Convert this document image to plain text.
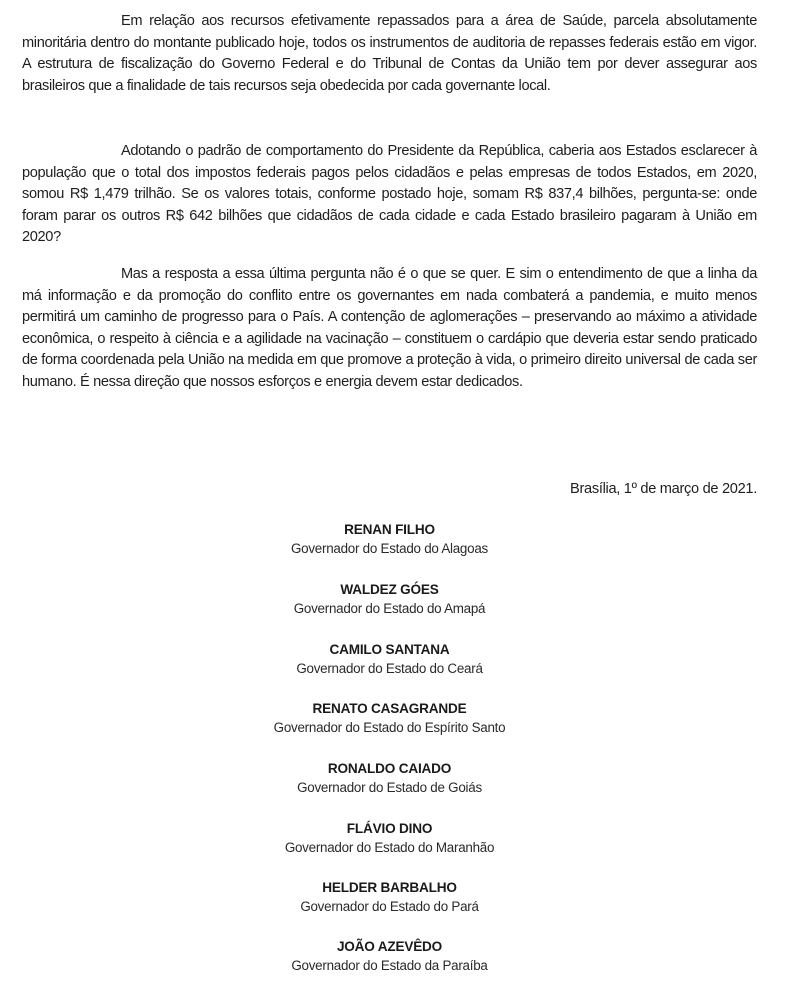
Em relação aos recursos efetivamente repassados para a área de Saúde, parcela absolutamente minoritária dentro do montante publicado hoje, todos os instrumentos de auditoria de repasses federais estão em vigor. A estrutura de fiscalização do Governo Federal e do Tribunal de Contas da União tem por dever assegurar aos brasileiros que a finalidade de tais recursos seja obedecida por cada governante local.

Adotando o padrão de comportamento do Presidente da República, caberia aos Estados esclarecer à população que o total dos impostos federais pagos pelos cidadãos e pelas empresas de todos Estados, em 2020, somou R$ 1,479 trilhão. Se os valores totais, conforme postado hoje, somam R$ 837,4 bilhões, pergunta-se: onde foram parar os outros R$ 642 bilhões que cidadãos de cada cidade e cada Estado brasileiro pagaram à União em 2020?

Mas a resposta a essa última pergunta não é o que se quer. E sim o entendimento de que a linha da má informação e da promoção do conflito entre os governantes em nada combaterá a pandemia, e muito menos permitirá um caminho de progresso para o País. A contenção de aglomerações – preservando ao máximo a atividade econômica, o respeito à ciência e a agilidade na vacinação – constituem o cardápio que deveria estar sendo praticado de forma coordenada pela União na medida em que promove a proteção à vida, o primeiro direito universal de cada ser humano. É nessa direção que nossos esforços e energia devem estar dedicados.

Brasília, 1º de março de 2021.
RENAN FILHO
Governador do Estado do Alagoas
WALDEZ GÓES
Governador do Estado do Amapá
CAMILO SANTANA
Governador do Estado do Ceará
RENATO CASAGRANDE
Governador do Estado do Espírito Santo
RONALDO CAIADO
Governador do Estado de Goiás
FLÁVIO DINO
Governador do Estado do Maranhão
HELDER BARBALHO
Governador do Estado do Pará
JOÃO AZEVÊDO
Governador do Estado da Paraíba
